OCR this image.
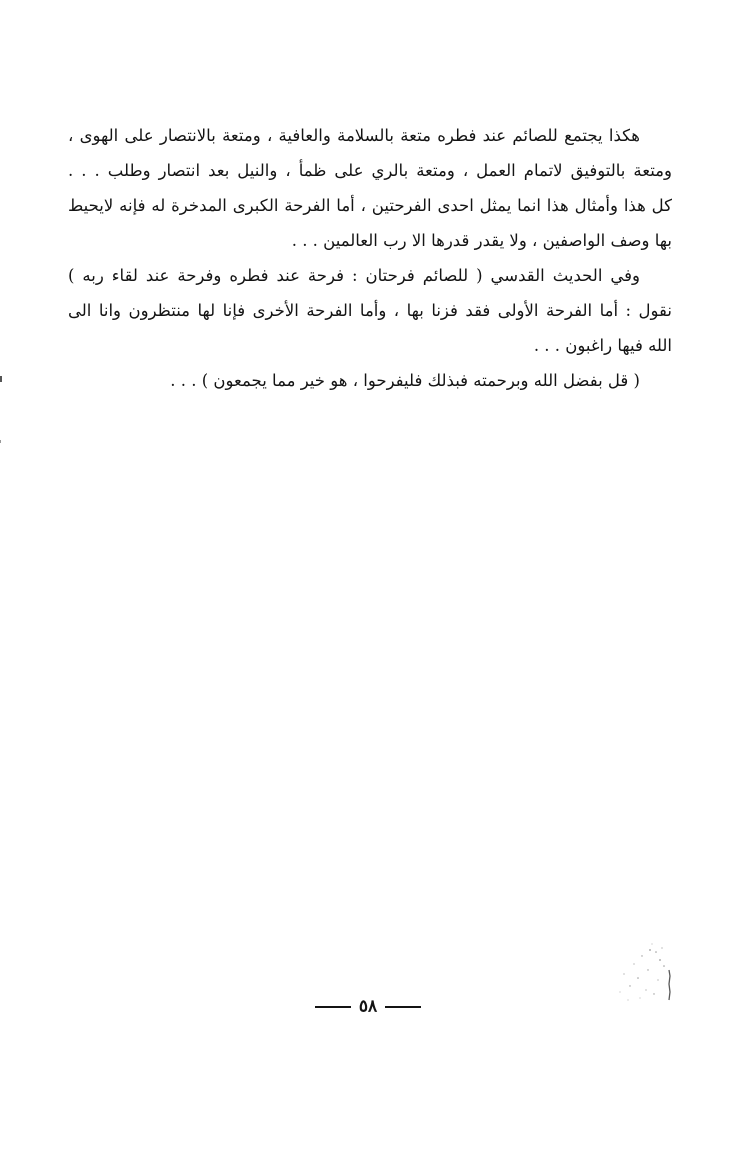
هكذا يجتمع للصائم عند فطره متعة بالسلامة والعافية ، ومتعة بالانتصار على الهوى ،
ومتعة بالتوفيق لاتمام العمل ، ومتعة بالري على ظمأ ، والنيل بعد انتصار وطلب . . .
كل هذا وأمثال هذا انما يمثل احدى الفرحتين ، أما الفرحة الكبرى المدخرة له فإنه لايحيط
بها وصف الواصفين ، ولا يقدر قدرها الا رب العالمين . . .
وفي الحديث القدسي ( للصائم فرحتان : فرحة عند فطره وفرحة عند لقاء ربه )
نقول : أما الفرحة الأولى فقد فزنا بها ، وأما الفرحة الأخرى فإنا لها منتظرون وانا الى
الله فيها راغبون . . .
( قل بفضل الله وبرحمته فبذلك فليفرحوا ، هو خير مما يجمعون ) . . .
٥٨
